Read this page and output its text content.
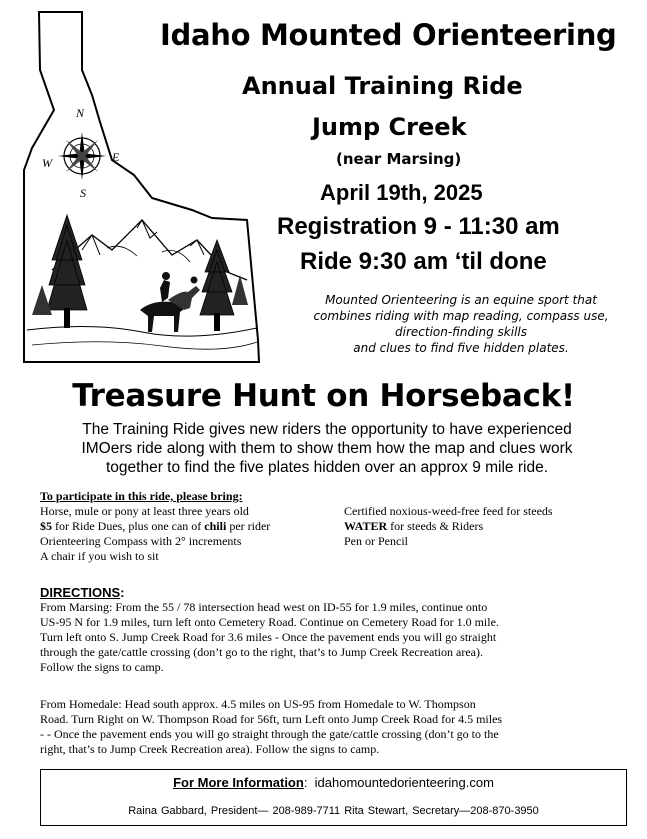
N
S
E
W
Idaho Mounted Orienteering
Annual Training Ride
Jump Creek
(near Marsing)
April 19th, 2025
Registration 9 - 11:30 am
Ride 9:30 am ‘til done
Mounted Orienteering is an equine sport that
combines riding with map reading, compass use,
direction-finding skills
and clues to find five hidden plates.
Treasure Hunt on Horseback!
The Training Ride gives new riders the opportunity to have experienced
IMOers ride along with them to show them how the map and clues work
together to find the five plates hidden over an approx 9 mile ride.
To participate in this ride, please bring:
Horse, mule or pony at least three years old
$5 for Ride Dues, plus one can of chili per rider
Orienteering Compass with 2° increments
A chair if you wish to sit
Certified noxious-weed-free feed for steeds
WATER for steeds & Riders
Pen or Pencil
DIRECTIONS:
From Marsing: From the 55 / 78 intersection head west on ID-55 for 1.9 miles, continue onto
US-95 N for 1.9 miles, turn left onto Cemetery Road. Continue on Cemetery Road for 1.0 mile.
Turn left onto S. Jump Creek Road for 3.6 miles - Once the pavement ends you will go straight
through the gate/cattle crossing (don’t go to the right, that’s to Jump Creek Recreation area).
Follow the signs to camp.
From Homedale: Head south approx. 4.5 miles on US-95 from Homedale to W. Thompson
Road. Turn Right on W. Thompson Road for 56ft, turn Left onto Jump Creek Road for 4.5 miles
- - Once the pavement ends you will go straight through the gate/cattle crossing (don’t go to the
right, that’s to Jump Creek Recreation area). Follow the signs to camp.
For More Information: idahomountedorienteering.com
Raina Gabbard, President— 208-989-7711 Rita Stewart, Secretary—208-870-3950
